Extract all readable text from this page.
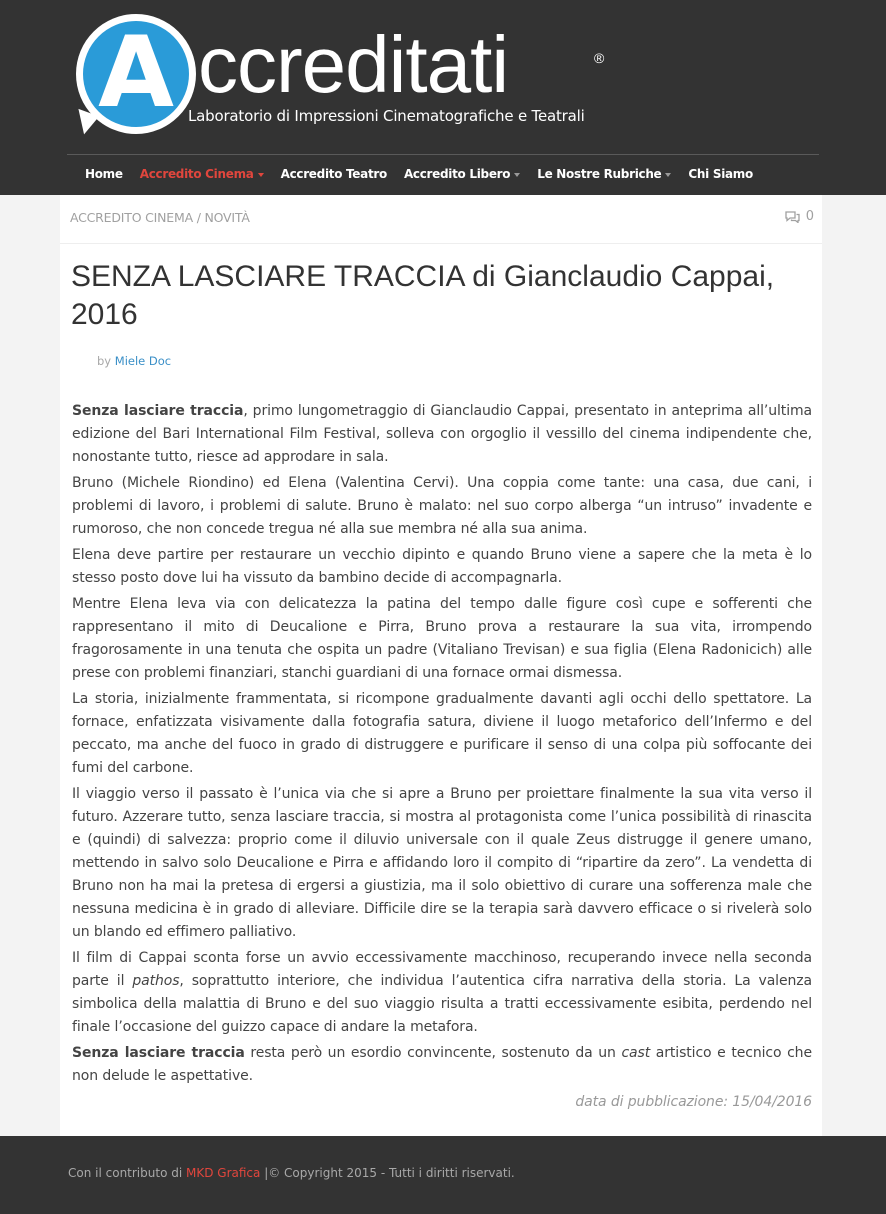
A ccreditati	®
Laboratorio di Impressioni Cinematografiche e Teatrali
Home Accredito Cinema	Accredito Teatro Accredito Libero	Le Nostre Rubriche	Chi Siamo
ACCREDITO CINEMA / NOVITÀ	0
SENZA LASCIARE TRACCIA di Gianclaudio Cappai, 2016
by Miele Doc

Senza lasciare traccia, primo lungometraggio di Gianclaudio Cappai, presentato in anteprima all’ultima edizione del Bari International Film Festival, solleva con orgoglio il vessillo del cinema indipendente che, nonostante tutto, riesce ad approdare in sala.

Bruno (Michele Riondino) ed Elena (Valentina Cervi). Una coppia come tante: una casa, due cani, i problemi di lavoro, i problemi di salute. Bruno è malato: nel suo corpo alberga “un intruso” invadente e rumoroso, che non concede tregua né alla sue membra né alla sua anima.

Elena deve partire per restaurare un vecchio dipinto e quando Bruno viene a sapere che la meta è lo stesso posto dove lui ha vissuto da bambino decide di accompagnarla.

Mentre Elena leva via con delicatezza la patina del tempo dalle figure così cupe e sofferenti che rappresentano il mito di Deucalione e Pirra, Bruno prova a restaurare la sua vita, irrompendo fragorosamente in una tenuta che ospita un padre (Vitaliano Trevisan) e sua figlia (Elena Radonicich) alle prese con problemi finanziari, stanchi guardiani di una fornace ormai dismessa.

La storia, inizialmente frammentata, si ricompone gradualmente davanti agli occhi dello spettatore. La fornace, enfatizzata visivamente dalla fotografia satura, diviene il luogo metaforico dell’Infermo e del peccato, ma anche del fuoco in grado di distruggere e purificare il senso di una colpa più soffocante dei fumi del carbone.

Il viaggio verso il passato è l’unica via che si apre a Bruno per proiettare finalmente la sua vita verso il futuro. Azzerare tutto, senza lasciare traccia, si mostra al protagonista come l’unica possibilità di rinascita e (quindi) di salvezza: proprio come il diluvio universale con il quale Zeus distrugge il genere umano, mettendo in salvo solo Deucalione e Pirra e affidando loro il compito di “ripartire da zero”. La vendetta di Bruno non ha mai la pretesa di ergersi a giustizia, ma il solo obiettivo di curare una sofferenza male che nessuna medicina è in grado di alleviare. Difficile dire se la terapia sarà davvero efficace o si rivelerà solo un blando ed effimero palliativo.

Il film di Cappai sconta forse un avvio eccessivamente macchinoso, recuperando invece nella seconda parte il pathos, soprattutto interiore, che individua l’autentica cifra narrativa della storia. La valenza simbolica della malattia di Bruno e del suo viaggio risulta a tratti eccessivamente esibita, perdendo nel finale l’occasione del guizzo capace di andare la metafora.

Senza lasciare traccia resta però un esordio convincente, sostenuto da un cast artistico e tecnico che non delude le aspettative.

data di pubblicazione: 15/04/2016

Con il contributo di MKD Grafica |© Copyright 2015 - Tutti i diritti riservati.
